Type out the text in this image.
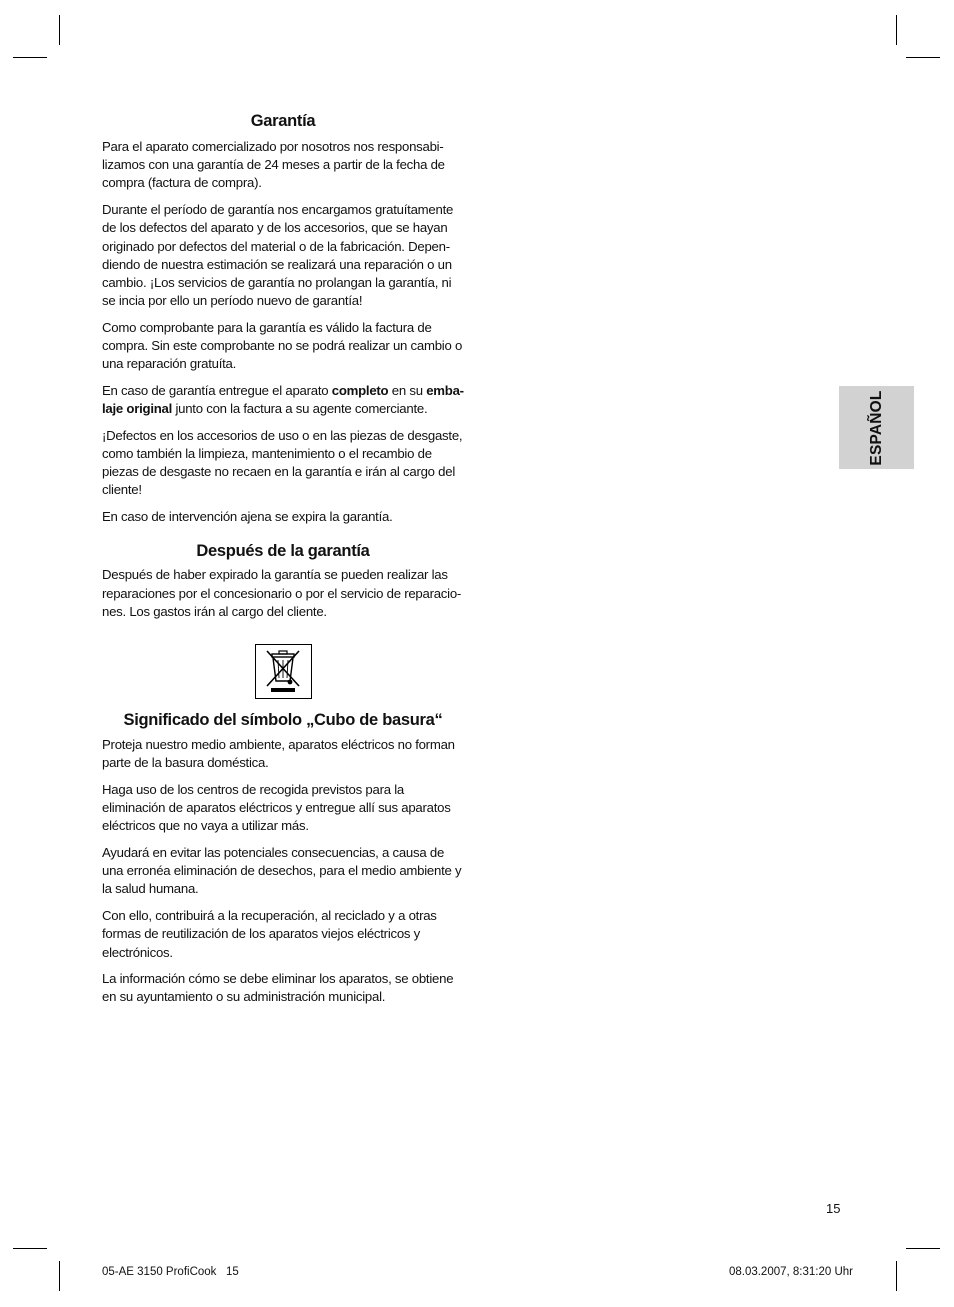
Garantía

Para el aparato comercializado por nosotros nos responsabi-lizamos con una garantía de 24 meses a partir de la fecha de compra (factura de compra).

Durante el período de garantía nos encargamos gratuítamente de los defectos del aparato y de los accesorios, que se hayan originado por defectos del material o de la fabricación. Depen-diendo de nuestra estimación se realizará una reparación o un cambio. ¡Los servicios de garantía no prolangan la garantía, ni se incia por ello un período nuevo de garantía!

Como comprobante para la garantía es válido la factura de compra. Sin este comprobante no se podrá realizar un cambio o una reparación gratuíta.

En caso de garantía entregue el aparato completo en su emba-laje original junto con la factura a su agente comerciante.

¡Defectos en los accesorios de uso o en las piezas de desgaste, como también la limpieza, mantenimiento o el recambio de piezas de desgaste no recaen en la garantía e irán al cargo del cliente!

En caso de intervención ajena se expira la garantía.

Después de la garantía

Después de haber expirado la garantía se pueden realizar las reparaciones por el concesionario o por el servicio de reparacio-nes. Los gastos irán al cargo del cliente.

Significado del símbolo „Cubo de basura“

Proteja nuestro medio ambiente, aparatos eléctricos no forman parte de la basura doméstica.

Haga uso de los centros de recogida previstos para la eliminación de aparatos eléctricos y entregue allí sus aparatos eléctricos que no vaya a utilizar más.

Ayudará en evitar las potenciales consecuencias, a causa de una erronéa eliminación de desechos, para el medio ambiente y la salud humana.

Con ello, contribuirá a la recuperación, al reciclado y a otras formas de reutilización de los aparatos viejos eléctricos y electrónicos.

La información cómo se debe eliminar los aparatos, se obtiene en su ayuntamiento o su administración municipal.

ESPAÑOL
15
05-AE 3150 ProfiCook   15	08.03.2007, 8:31:20 Uhr
